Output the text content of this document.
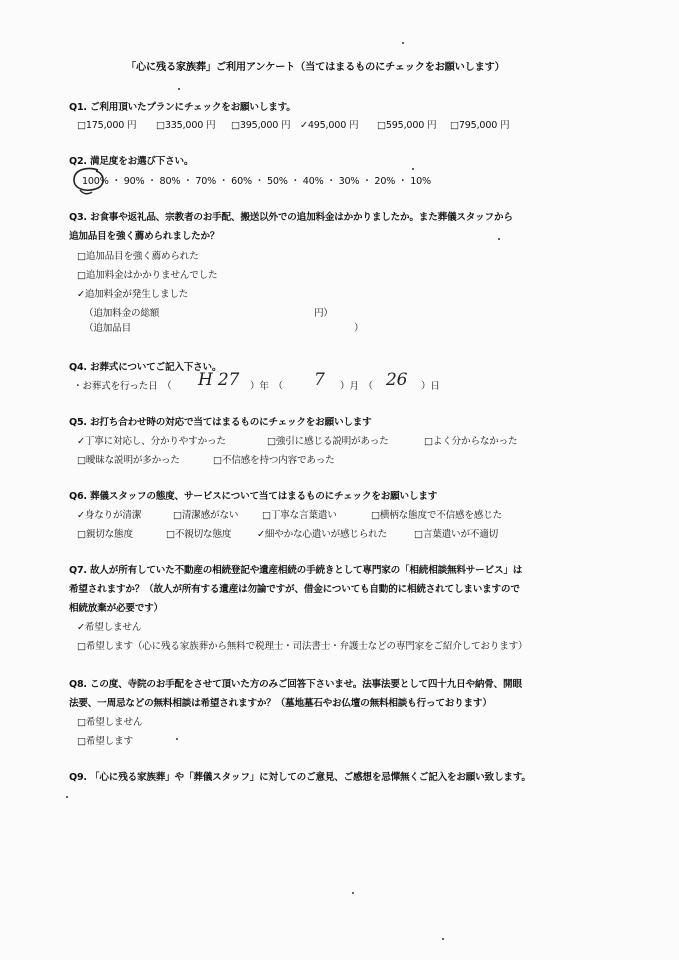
「心に残る家族葬」ご利用アンケート（当てはまるものにチェックをお願いします）
Q1. ご利用頂いたプランにチェックをお願いします。
□175,000 円 □335,000 円 □395,000 円 ✓495,000 円 □595,000 円 □795,000 円
Q2. 満足度をお選び下さい。
100% ・ 90% ・ 80% ・ 70% ・ 60% ・ 50% ・ 40% ・ 30% ・ 20% ・ 10%
Q3. お食事や返礼品、宗教者のお手配、搬送以外での追加料金はかかりましたか。また葬儀スタッフから
追加品目を強く薦められましたか？
□追加品目を強く薦められた
□追加料金はかかりませんでした
✓追加料金が発生しました
（追加料金の総額	円）
（追加品目	）
Q4. お葬式についてご記入下さい。
・お葬式を行った日　（ H 27 ）年　（ 7 ）月　（ 26 ）日
Q5. お打ち合わせ時の対応で当てはまるものにチェックをお願いします
✓丁寧に対応し、分かりやすかった	□強引に感じる説明があった	□よく分からなかった
□曖昧な説明が多かった	□不信感を持つ内容であった
Q6. 葬儀スタッフの態度、サービスについて当てはまるものにチェックをお願いします
✓身なりが清潔	□清潔感がない □丁寧な言葉遣い	□横柄な態度で不信感を感じた
□親切な態度	□不親切な態度	✓細やかな心遣いが感じられた	□言葉遣いが不適切
Q7. 故人が所有していた不動産の相続登記や遺産相続の手続きとして専門家の「相続相談無料サービス」は
希望されますか？（故人が所有する遺産は勿論ですが、借金についても自動的に相続されてしまいますので
相続放棄が必要です）
✓希望しません
□希望します（心に残る家族葬から無料で税理士・司法書士・弁護士などの専門家をご紹介しております）
Q8. この度、寺院のお手配をさせて頂いた方のみご回答下さいませ。法事法要として四十九日や納骨、開眼
法要、一周忌などの無料相談は希望されますか？（墓地墓石やお仏壇の無料相談も行っております）
□希望しません
□希望します
Q9. 「心に残る家族葬」や「葬儀スタッフ」に対してのご意見、ご感想を忌憚無くご記入をお願い致します。
